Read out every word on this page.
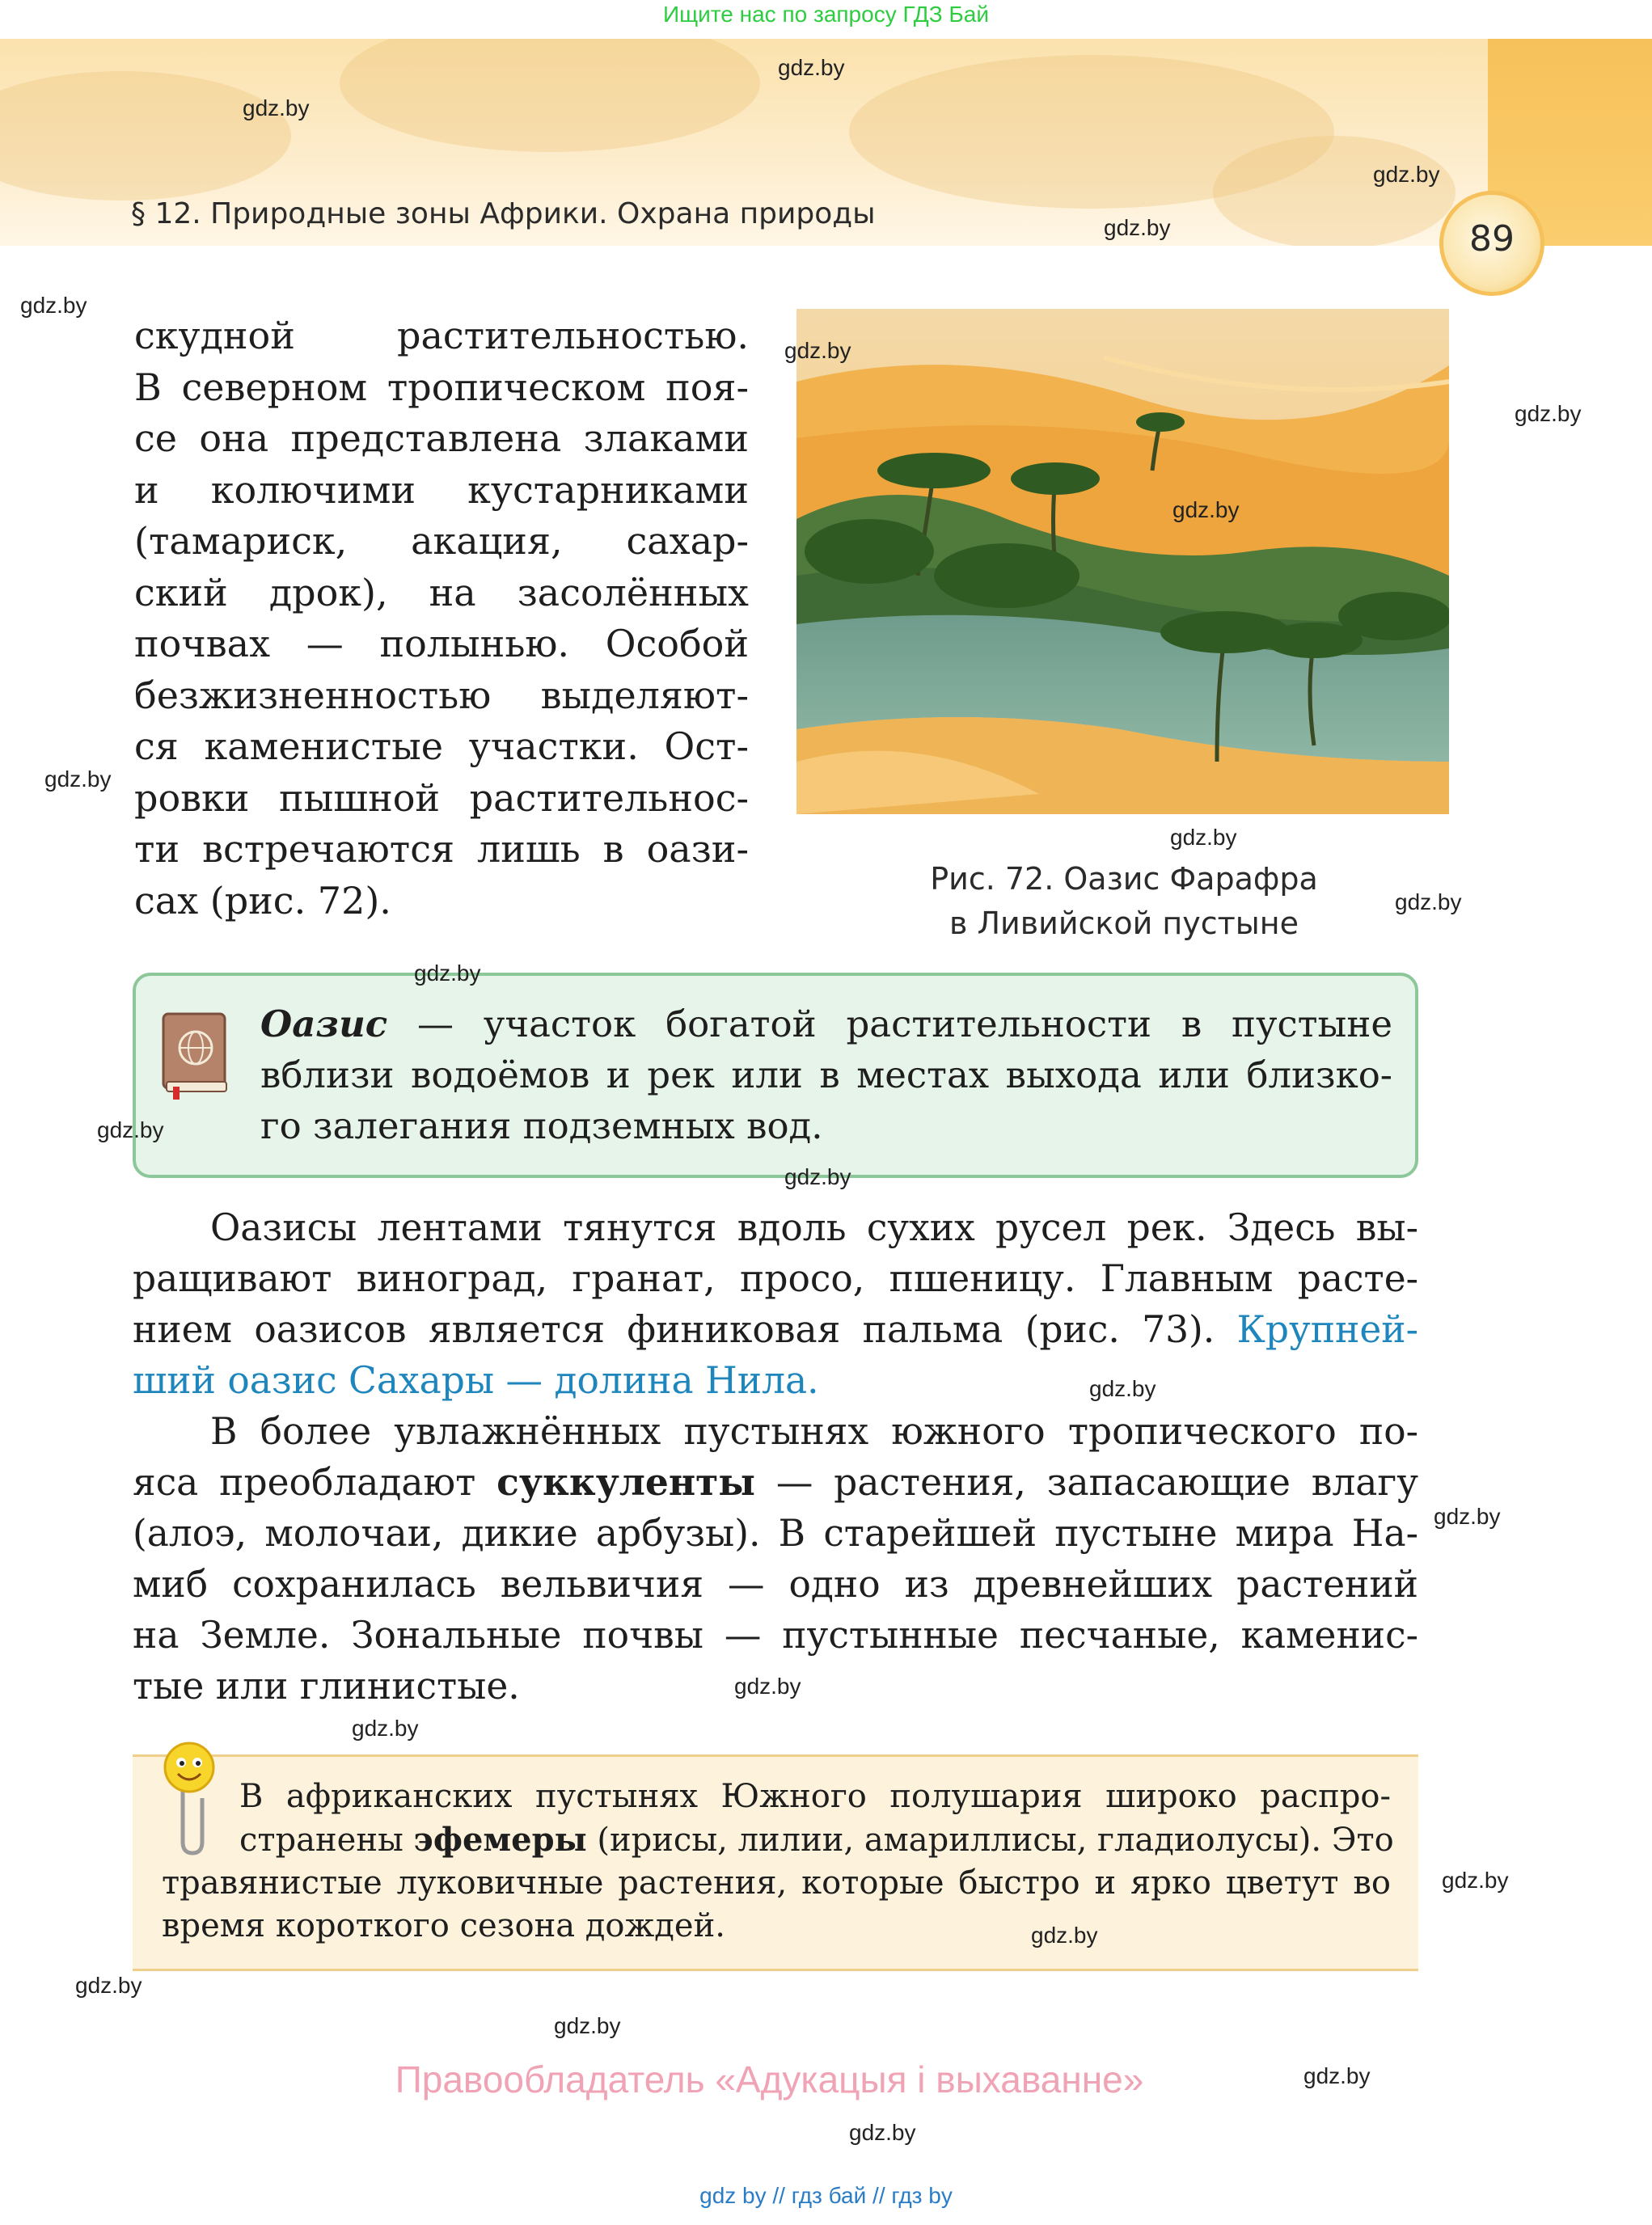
Ищите нас по запросу ГДЗ Бай
§ 12. Природные зоны Африки. Охрана природы
89
скудной растительностью.
В северном тропическом поя-
се она представлена злаками
и колючими кустарниками
(тамариск, акация, сахар-
ский дрок), на засолённых
почвах — полынью. Особой
безжизненностью выделяют-
ся каменистые участки. Ост-
ровки пышной растительнос-
ти встречаются лишь в оази-
сах (рис. 72).	Рис. 72. Оазис Фарафра
в Ливийской пустыне
Оазис — участок богатой растительности в пустыне
вблизи водоёмов и рек или в местах выхода или близко-
го залегания подземных вод.
Оазисы лентами тянутся вдоль сухих русел рек. Здесь вы-
ращивают виноград, гранат, просо, пшеницу. Главным расте-
нием оазисов является финиковая пальма (рис. 73). Крупней-
ший оазис Сахары — долина Нила.
В более увлажнённых пустынях южного тропического по-
яса преобладают суккуленты — растения, запасающие влагу
(алоэ, молочаи, дикие арбузы). В старейшей пустыне мира На-
миб сохранилась вельвичия — одно из древнейших растений
на Земле. Зональные почвы — пустынные песчаные, каменис-
тые или глинистые.
В африканских пустынях Южного полушария широко распро-
странены эфемеры (ирисы, лилии, амариллисы, гладиолусы). Это
травянистые луковичные растения, которые быстро и ярко цветут во
время короткого сезона дождей.
Правообладатель «Адукацыя і выхаванне»
gdz by // гдз бай // гдз by
gdz.by
gdz.by
gdz.by
gdz.by
gdz.by
gdz.by
gdz.by
gdz.by
gdz.by
gdz.by
gdz.by
gdz.by
gdz.by
gdz.by
gdz.by
gdz.by
gdz.by
gdz.by
gdz.by
gdz.by
gdz.by
gdz.by
gdz.by
gdz.by
